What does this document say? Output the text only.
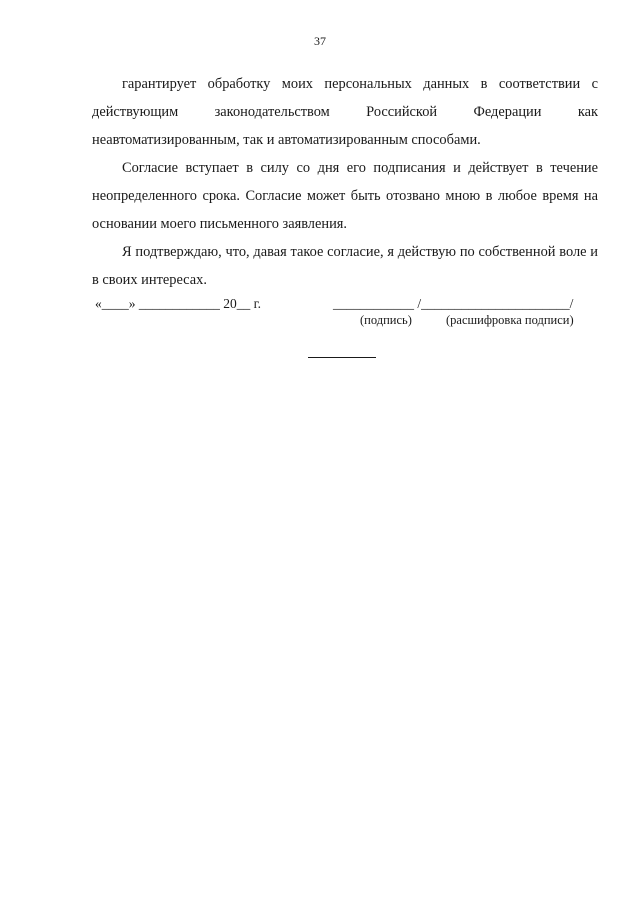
37

гарантирует обработку моих персональных данных в соответствии с действующим законодательством Российской Федерации как неавтоматизированным, так и автоматизированным способами.

Согласие вступает в силу со дня его подписания и действует в течение неопределенного срока. Согласие может быть отозвано мною в любое время на основании моего письменного заявления.

Я подтверждаю, что, давая такое согласие, я действую по собственной воле и в своих интересах.

«____» ____________ 20__ г.	____________ /______________________/
(подпись)	(расшифровка подписи)
